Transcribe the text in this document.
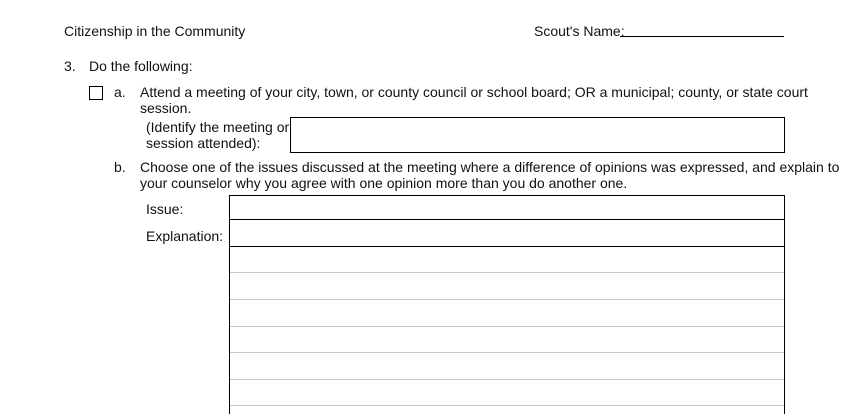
Citizenship in the Community	Scout's Name:
3. Do the following:
a. Attend a meeting of your city, town, or county council or school board; OR a municipal; county, or state court
session.
(Identify the meeting or
session attended):
b. Choose one of the issues discussed at the meeting where a difference of opinions was expressed, and explain to
your counselor why you agree with one opinion more than you do another one.
Issue:
Explanation:
